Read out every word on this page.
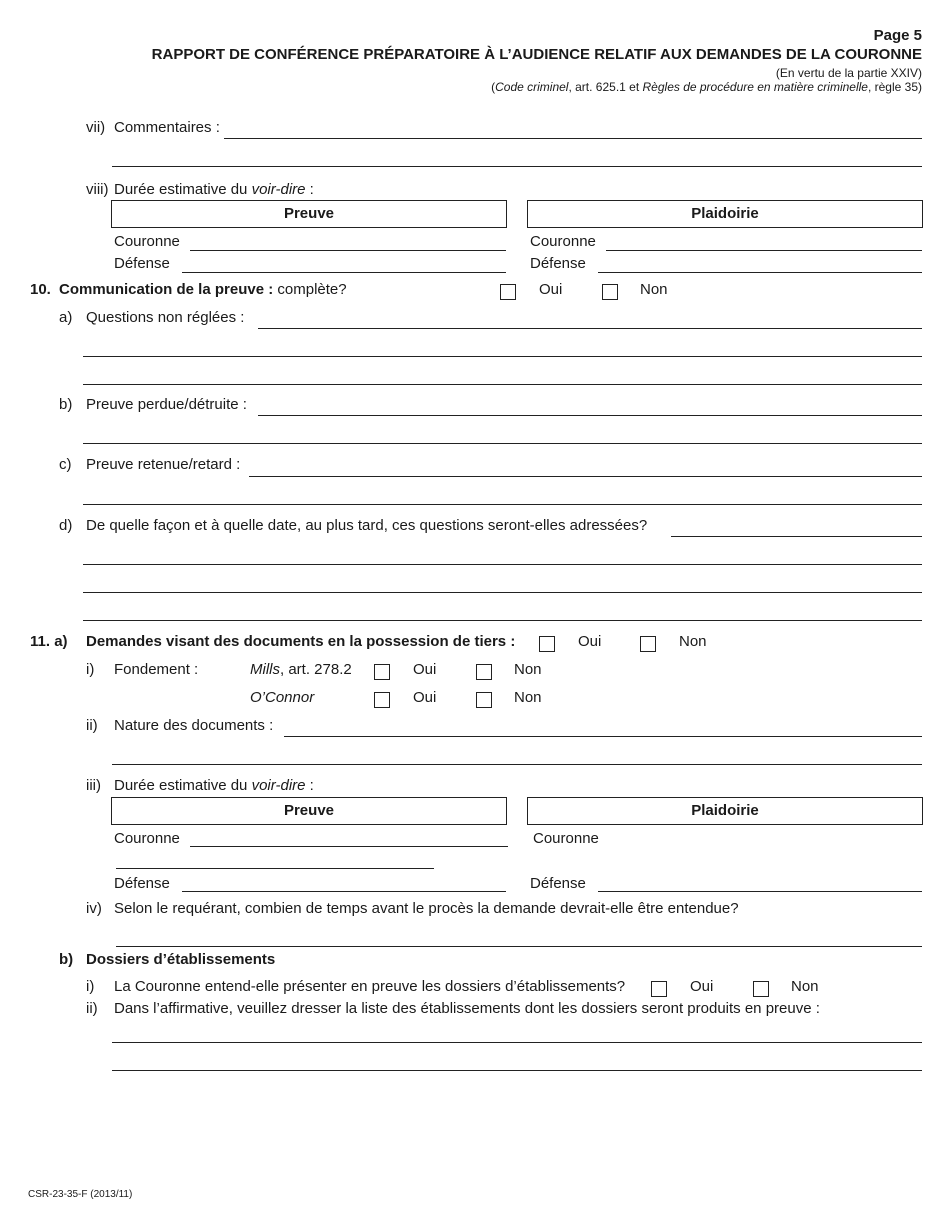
Page 5
RAPPORT DE CONFÉRENCE PRÉPARATOIRE À L’AUDIENCE RELATIF AUX DEMANDES DE LA COURONNE
(En vertu de la partie XXIV)
(Code criminel, art. 625.1 et Règles de procédure en matière criminelle, règle 35)
vii) Commentaires :
viii) Durée estimative du voir-dire :
Preuve	Plaidoirie
Couronne	Couronne
Défense	Défense
10. Communication de la preuve : complète?	Oui	Non
a) Questions non réglées :
b) Preuve perdue/détruite :
c) Preuve retenue/retard :
d) De quelle façon et à quelle date, au plus tard, ces questions seront-elles adressées?
11. a) Demandes visant des documents en la possession de tiers :	Oui	Non
i) Fondement :	Mills, art. 278.2	Oui	Non
O’Connor	Oui	Non
ii) Nature des documents :
iii) Durée estimative du voir-dire :
Preuve	Plaidoirie
Couronne	Couronne
Défense	Défense
iv) Selon le requérant, combien de temps avant le procès la demande devrait-elle être entendue?
b) Dossiers d’établissements
i) La Couronne entend-elle présenter en preuve les dossiers d’établissements?	Oui	Non
ii) Dans l’affirmative, veuillez dresser la liste des établissements dont les dossiers seront produits en preuve :
CSR-23-35-F (2013/11)
